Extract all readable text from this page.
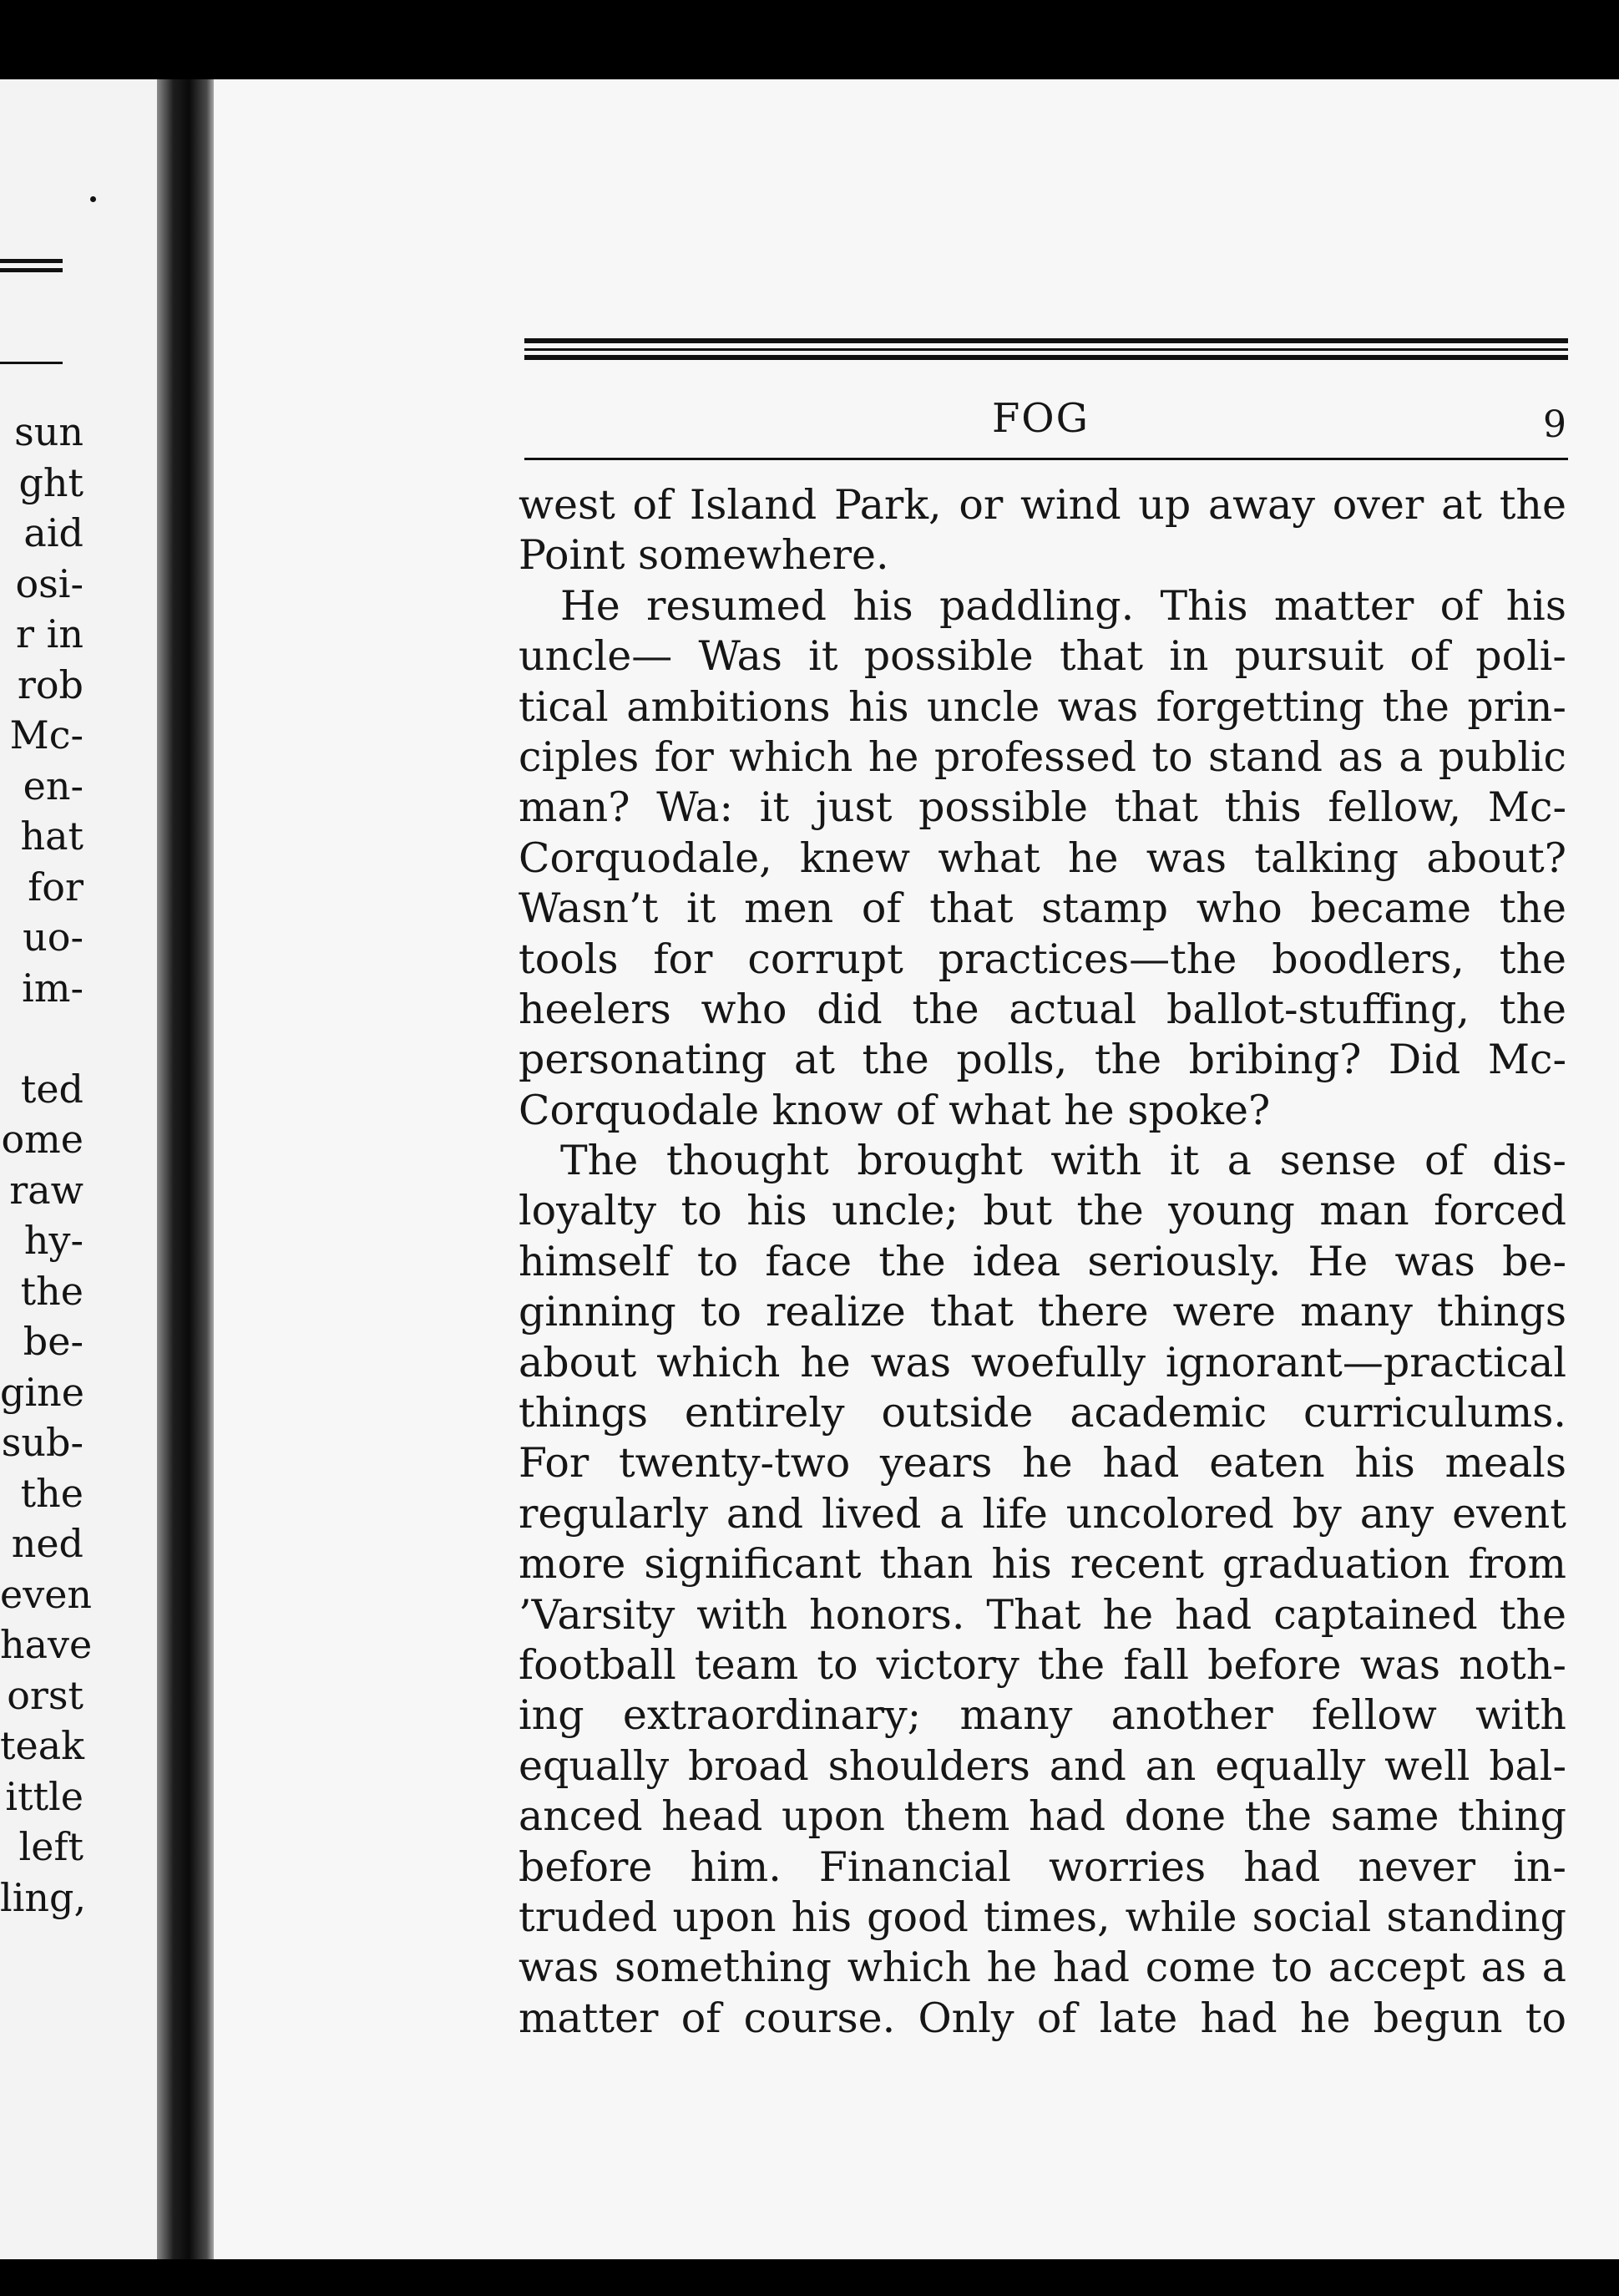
sun
ght
aid
osi-
r in
rob
Mc-
en-
hat
for
uo-
im-
ted
ome
raw
hy-
the
be-
gine
sub-
the
ned
even
have
orst
teak
ittle
left
ling,
FOG	9
west of Island Park, or wind up away over at the
Point somewhere.
He resumed his paddling. This matter of his
uncle— Was it possible that in pursuit of poli-
tical ambitions his uncle was forgetting the prin-
ciples for which he professed to stand as a public
man? Wa: it just possible that this fellow, Mc-
Corquodale, knew what he was talking about?
Wasn’t it men of that stamp who became the
tools for corrupt practices—the boodlers, the
heelers who did the actual ballot-stuffing, the
personating at the polls, the bribing? Did Mc-
Corquodale know of what he spoke?
The thought brought with it a sense of dis-
loyalty to his uncle; but the young man forced
himself to face the idea seriously. He was be-
ginning to realize that there were many things
about which he was woefully ignorant—practical
things entirely outside academic curriculums.
For twenty-two years he had eaten his meals
regularly and lived a life uncolored by any event
more significant than his recent graduation from
’Varsity with honors. That he had captained the
football team to victory the fall before was noth-
ing extraordinary; many another fellow with
equally broad shoulders and an equally well bal-
anced head upon them had done the same thing
before him. Financial worries had never in-
truded upon his good times, while social standing
was something which he had come to accept as a
matter of course. Only of late had he begun to
